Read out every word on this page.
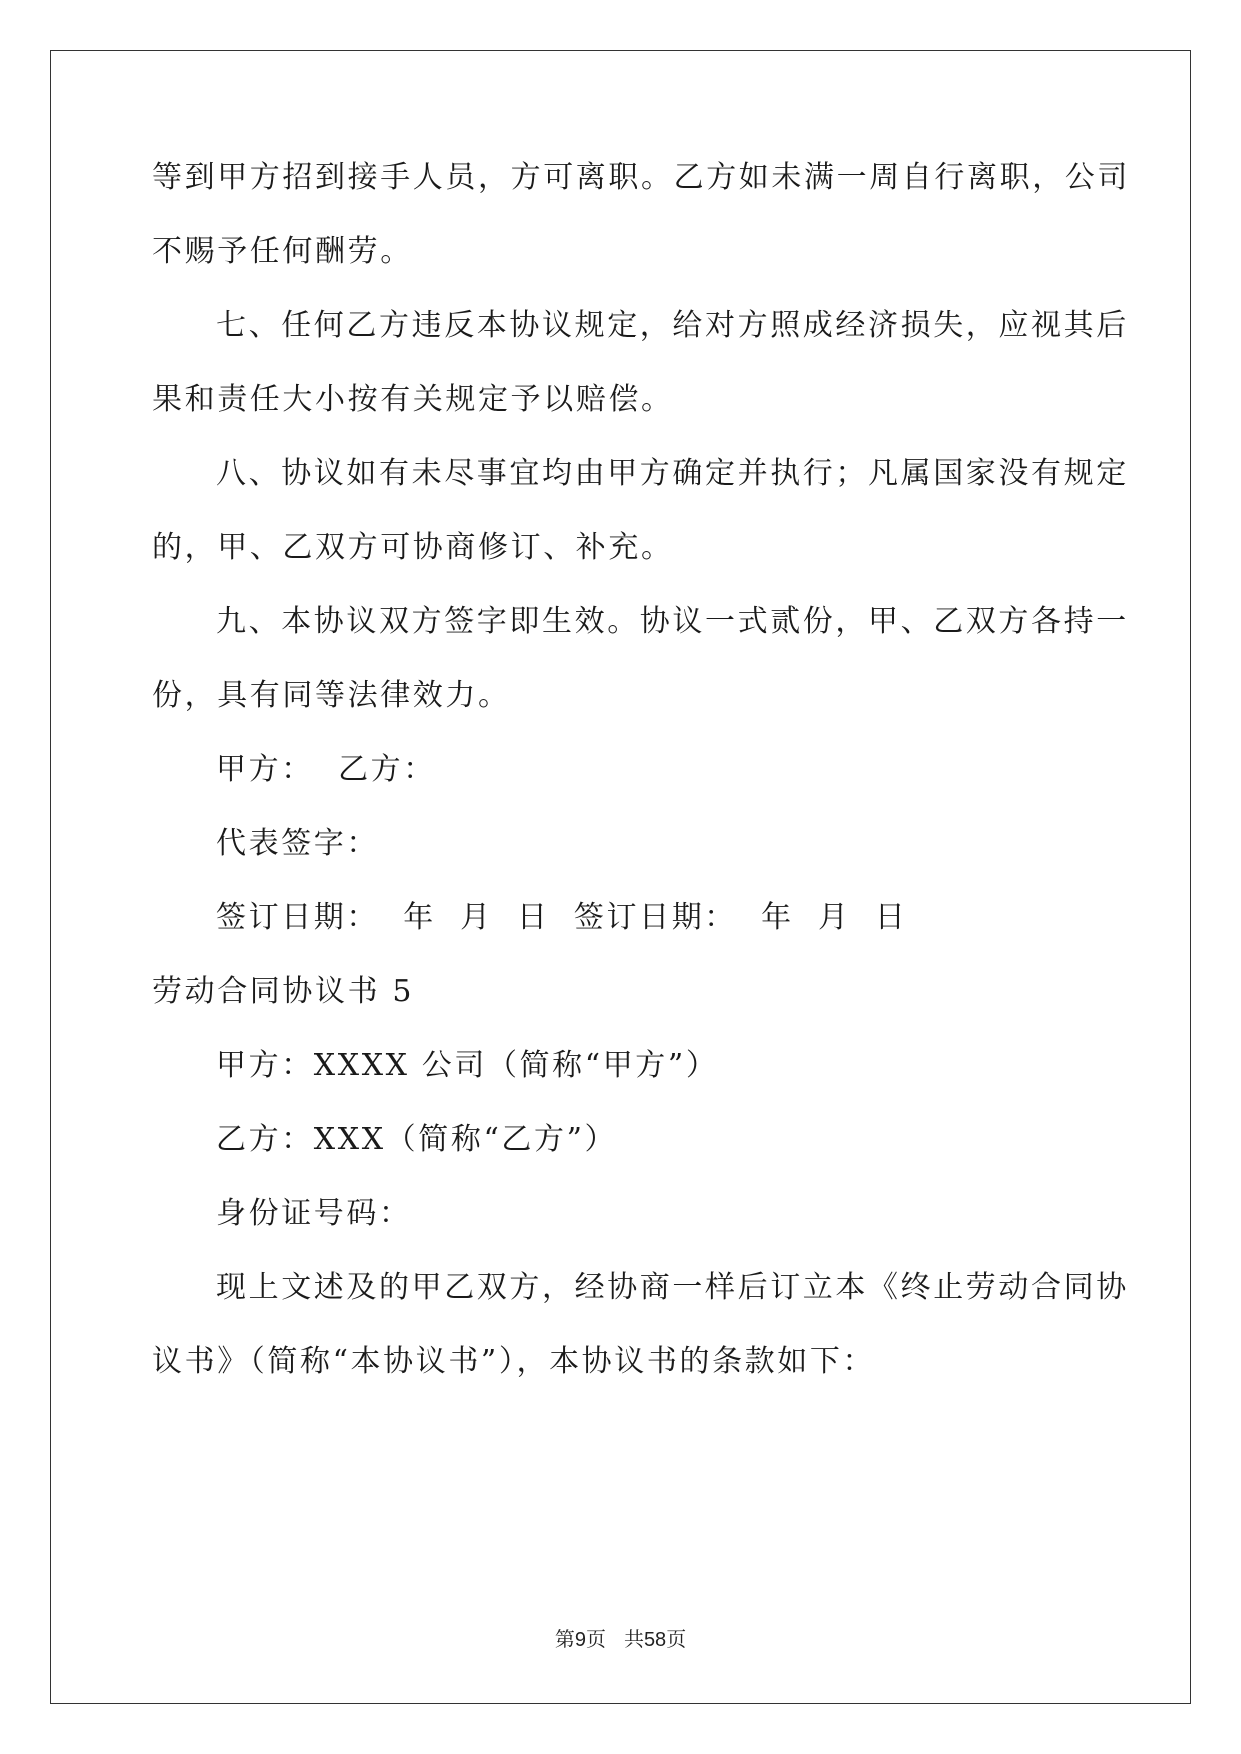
等到甲方招到接手人员，方可离职。乙方如未满一周自行离职，公司
不赐予任何酬劳。
七、任何乙方违反本协议规定，给对方照成经济损失，应视其后
果和责任大小按有关规定予以赔偿。
八、协议如有未尽事宜均由甲方确定并执行；凡属国家没有规定
的，甲、乙双方可协商修订、补充。
九、本协议双方签字即生效。协议一式贰份，甲、乙双方各持一
份，具有同等法律效力。
甲方：  乙方：
代表签字：
签订日期：  年  月  日  签订日期：  年  月  日
劳动合同协议书 5
甲方：XXXX 公司（简称“甲方”）
乙方：XXX（简称“乙方”）
身份证号码：
现上文述及的甲乙双方，经协商一样后订立本《终止劳动合同协
议书》（简称“本协议书”），本协议书的条款如下：
第9页 共58页
